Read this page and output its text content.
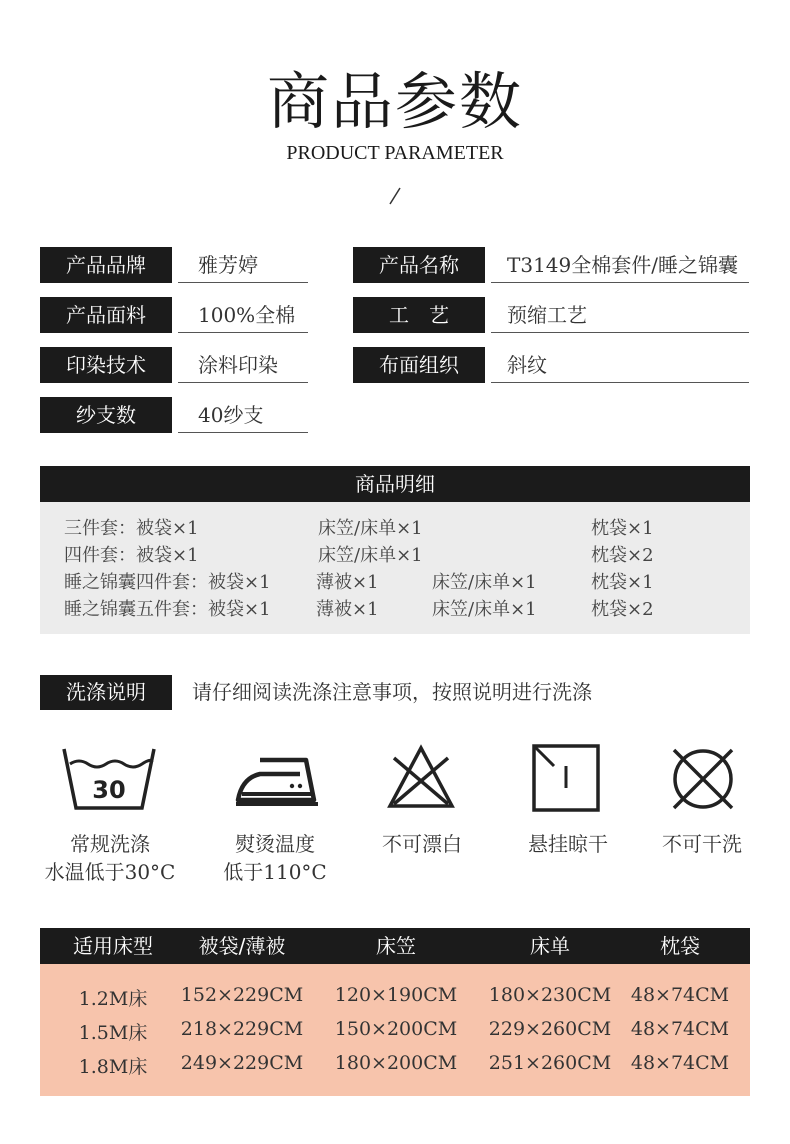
商品参数
PRODUCT PARAMETER
产品品牌	雅芳婷	产品名称	T3149全棉套件/睡之锦囊
产品面料	100%全棉	工　艺	预缩工艺
印染技术	涂料印染	布面组织	斜纹
纱支数	40纱支
商品明细
三件套：被袋×1	床笠/床单×1	枕袋×1
四件套：被袋×1	床笠/床单×1	枕袋×2
睡之锦囊四件套：被袋×1	薄被×1	床笠/床单×1	枕袋×1
睡之锦囊五件套：被袋×1	薄被×1	床笠/床单×1	枕袋×2
洗涤说明	请仔细阅读洗涤注意事项，按照说明进行洗涤
30
常规洗涤
水温低于30°C
熨烫温度
低于110°C
不可漂白	悬挂晾干	不可干洗
适用床型	被袋/薄被	床笠	床单	枕袋
1.2M床	152×229CM	120×190CM	180×230CM	48×74CM
1.5M床	218×229CM	150×200CM	229×260CM	48×74CM
1.8M床	249×229CM	180×200CM	251×260CM	48×74CM
